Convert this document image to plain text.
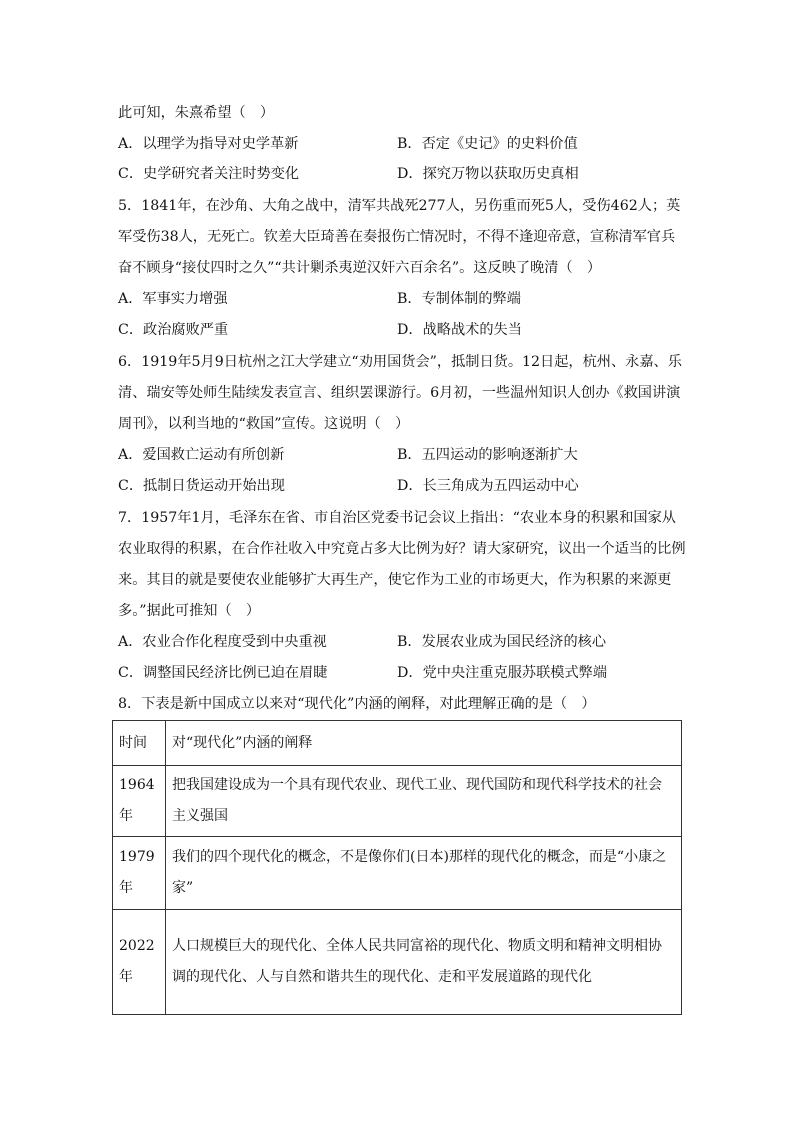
此可知，朱熹希望（　）
A．以理学为指导对史学革新	B．否定《史记》的史料价值
C．史学研究者关注时势变化	D．探究万物以获取历史真相
5．1841年，在沙角、大角之战中，清军共战死277人，另伤重而死5人，受伤462人；英
军受伤38人，无死亡。钦差大臣琦善在奏报伤亡情况时，不得不逢迎帝意，宣称清军官兵
奋不顾身“接仗四时之久”“共计剿杀夷逆汉奸六百余名”。这反映了晚清（　）
A．军事实力增强	B．专制体制的弊端
C．政治腐败严重	D．战略战术的失当
6．1919年5月9日杭州之江大学建立“劝用国货会”，抵制日货。12日起，杭州、永嘉、乐
清、瑞安等处师生陆续发表宣言、组织罢课游行。6月初，一些温州知识人创办《救国讲演
周刊》，以利当地的“救国”宣传。这说明（　）
A．爱国救亡运动有所创新	B．五四运动的影响逐渐扩大
C．抵制日货运动开始出现	D．长三角成为五四运动中心
7．1957年1月，毛泽东在省、市自治区党委书记会议上指出：“农业本身的积累和国家从
农业取得的积累，在合作社收入中究竟占多大比例为好？请大家研究，议出一个适当的比例
来。其目的就是要使农业能够扩大再生产，使它作为工业的市场更大，作为积累的来源更
多。”据此可推知（　）
A．农业合作化程度受到中央重视	B．发展农业成为国民经济的核心
C．调整国民经济比例已迫在眉睫	D．党中央注重克服苏联模式弊端
8．下表是新中国成立以来对“现代化”内涵的阐释，对此理解正确的是（　）
时间	对“现代化”内涵的阐释
1964年	把我国建设成为一个具有现代农业、现代工业、现代国防和现代科学技术的社会主义强国
1979年	我们的四个现代化的概念，不是像你们(日本)那样的现代化的概念，而是“小康之家”
2022年	人口规模巨大的现代化、全体人民共同富裕的现代化、物质文明和精神文明相协调的现代化、人与自然和谐共生的现代化、走和平发展道路的现代化
